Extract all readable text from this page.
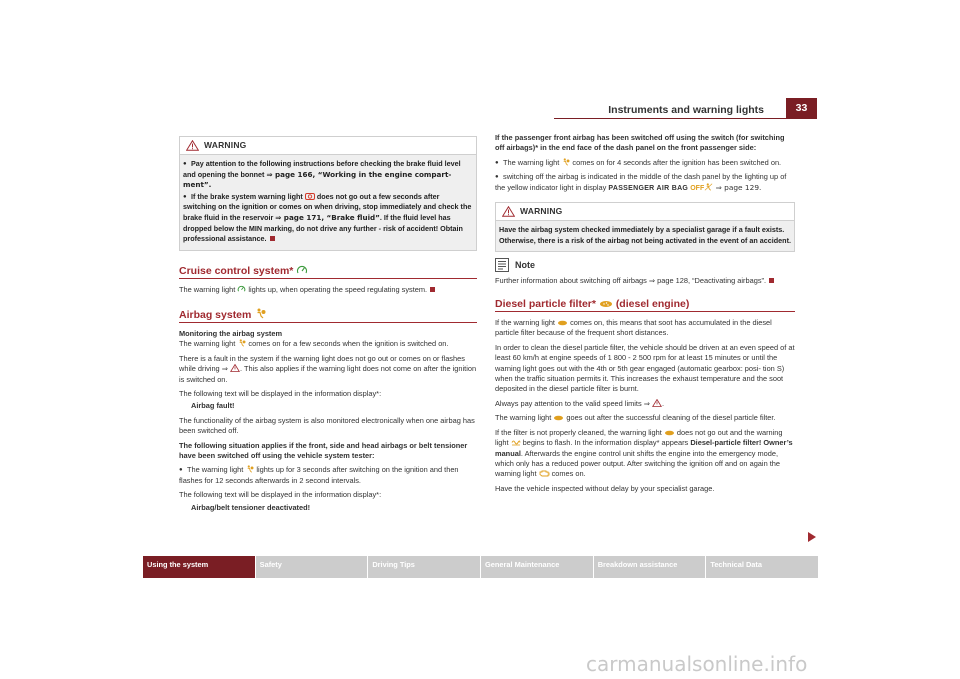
Instruments and warning lights	33
WARNING

● Pay attention to the following instructions before checking the brake fluid level and opening the bonnet ⇒ page 166, “Working in the engine compart- ment”.

● If the brake system warning light  does not go out a few seconds after switching on the ignition or comes on when driving, stop immediately and check the brake fluid in the reservoir ⇒ page 171, “Brake fluid”. If the fluid level has dropped below the MIN marking, do not drive any further - risk of accident! Obtain professional assistance.

Cruise control system*

The warning light  lights up, when operating the speed regulating system.

Airbag system

Monitoring the airbag system

The warning light  comes on for a few seconds when the ignition is switched on.

There is a fault in the system if the warning light does not go out or comes on or flashes while driving ⇒ . This also applies if the warning light does not come on after the ignition is switched on.

The following text will be displayed in the information display*:

Airbag fault!

The functionality of the airbag system is also monitored electronically when one airbag has been switched off.

The following situation applies if the front, side and head airbags or belt tensioner have been switched off using the vehicle system tester:

● The warning light  lights up for 3 seconds after switching on the ignition and then flashes for 12 seconds afterwards in 2 second intervals.

The following text will be displayed in the information display*:

Airbag/belt tensioner deactivated!

If the passenger front airbag has been switched off using the switch (for switching off airbags)* in the end face of the dash panel on the front passenger side:

● The warning light  comes on for 4 seconds after the ignition has been switched on.

● switching off the airbag is indicated in the middle of the dash panel by the lighting up of the yellow indicator light in display PASSENGER AIR BAG OFF ⇒ page 129.

WARNING

Have the airbag system checked immediately by a specialist garage if a fault exists. Otherwise, there is a risk of the airbag not being activated in the event of an accident.

Note

Further information about switching off airbags ⇒ page 128, “Deactivating airbags”.

Diesel particle filter* (diesel engine)

If the warning light  comes on, this means that soot has accumulated in the diesel particle filter because of the frequent short distances.

In order to clean the diesel particle filter, the vehicle should be driven at an even speed of at least 60 km/h at engine speeds of 1 800 - 2 500 rpm for at least 15 minutes or until the warning light goes out with the 4th or 5th gear engaged (automatic gearbox: posi- tion S) when the traffic situation permits it. This increases the exhaust temperature and the soot deposited in the diesel particle filter is burnt.

Always pay attention to the valid speed limits ⇒ .

The warning light  goes out after the successful cleaning of the diesel particle filter.

If the filter is not properly cleaned, the warning light  does not go out and the warning light  begins to flash. In the information display* appears Diesel-particle filter! Owner’s manual. Afterwards the engine control unit shifts the engine into the emergency mode, which only has a reduced power output. After switching the ignition off and on again the warning light  comes on.

Have the vehicle inspected without delay by your specialist garage.

Using the system	Safety	Driving Tips	General Maintenance	Breakdown assistance	Technical Data
carmanualsonline.info
